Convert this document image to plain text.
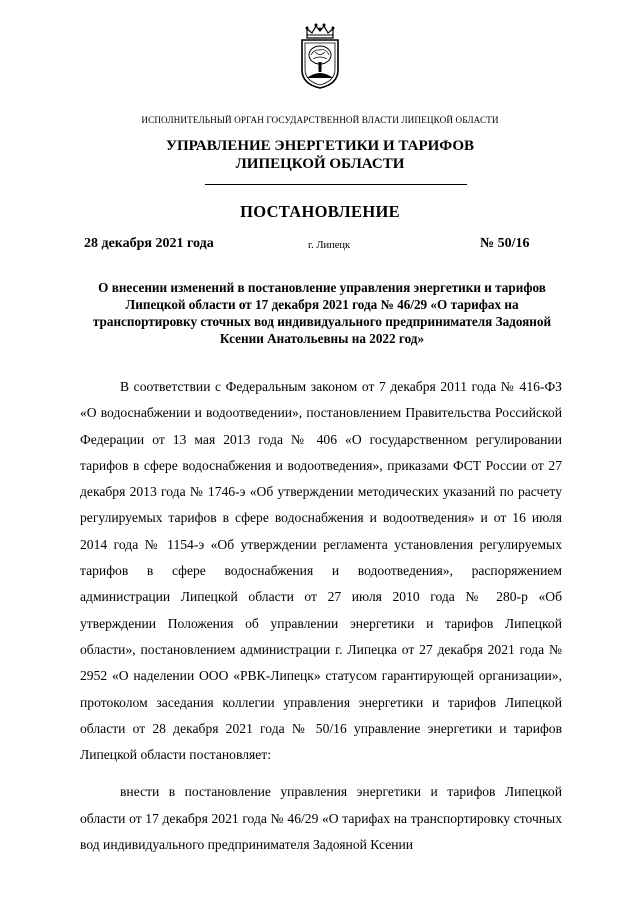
ИСПОЛНИТЕЛЬНЫЙ ОРГАН ГОСУДАРСТВЕННОЙ ВЛАСТИ ЛИПЕЦКОЙ ОБЛАСТИ
УПРАВЛЕНИЕ ЭНЕРГЕТИКИ И ТАРИФОВ
ЛИПЕЦКОЙ ОБЛАСТИ
ПОСТАНОВЛЕНИЕ
28 декабря 2021 года	г. Липецк	№ 50/16
О внесении изменений в постановление управления энергетики и тарифов Липецкой области от 17 декабря 2021 года № 46/29 «О тарифах на транспортировку сточных вод индивидуального предпринимателя Задояной Ксении Анатольевны на 2022 год»

В соответствии с Федеральным законом от 7 декабря 2011 года № 416-ФЗ «О водоснабжении и водоотведении», постановлением Правительства Российской Федерации от 13 мая 2013 года № 406 «О государственном регулировании тарифов в сфере водоснабжения и водоотведения», приказами ФСТ России от 27 декабря 2013 года № 1746-э «Об утверждении методических указаний по расчету регулируемых тарифов в сфере водоснабжения и водоотведения» и от 16 июля 2014 года № 1154-э «Об утверждении регламента установления регулируемых тарифов в сфере водоснабжения и водоотведения», распоряжением администрации Липецкой области от 27 июля 2010 года № 280-р «Об утверждении Положения об управлении энергетики и тарифов Липецкой области», постановлением администрации г. Липецка от 27 декабря 2021 года № 2952 «О наделении ООО «РВК-Липецк» статусом гарантирующей организации», протоколом заседания коллегии управления энергетики и тарифов Липецкой области от 28 декабря 2021 года № 50/16 управление энергетики и тарифов Липецкой области постановляет:

внести в постановление управления энергетики и тарифов Липецкой области от 17 декабря 2021 года № 46/29 «О тарифах на транспортировку сточных вод индивидуального предпринимателя Задояной Ксении
